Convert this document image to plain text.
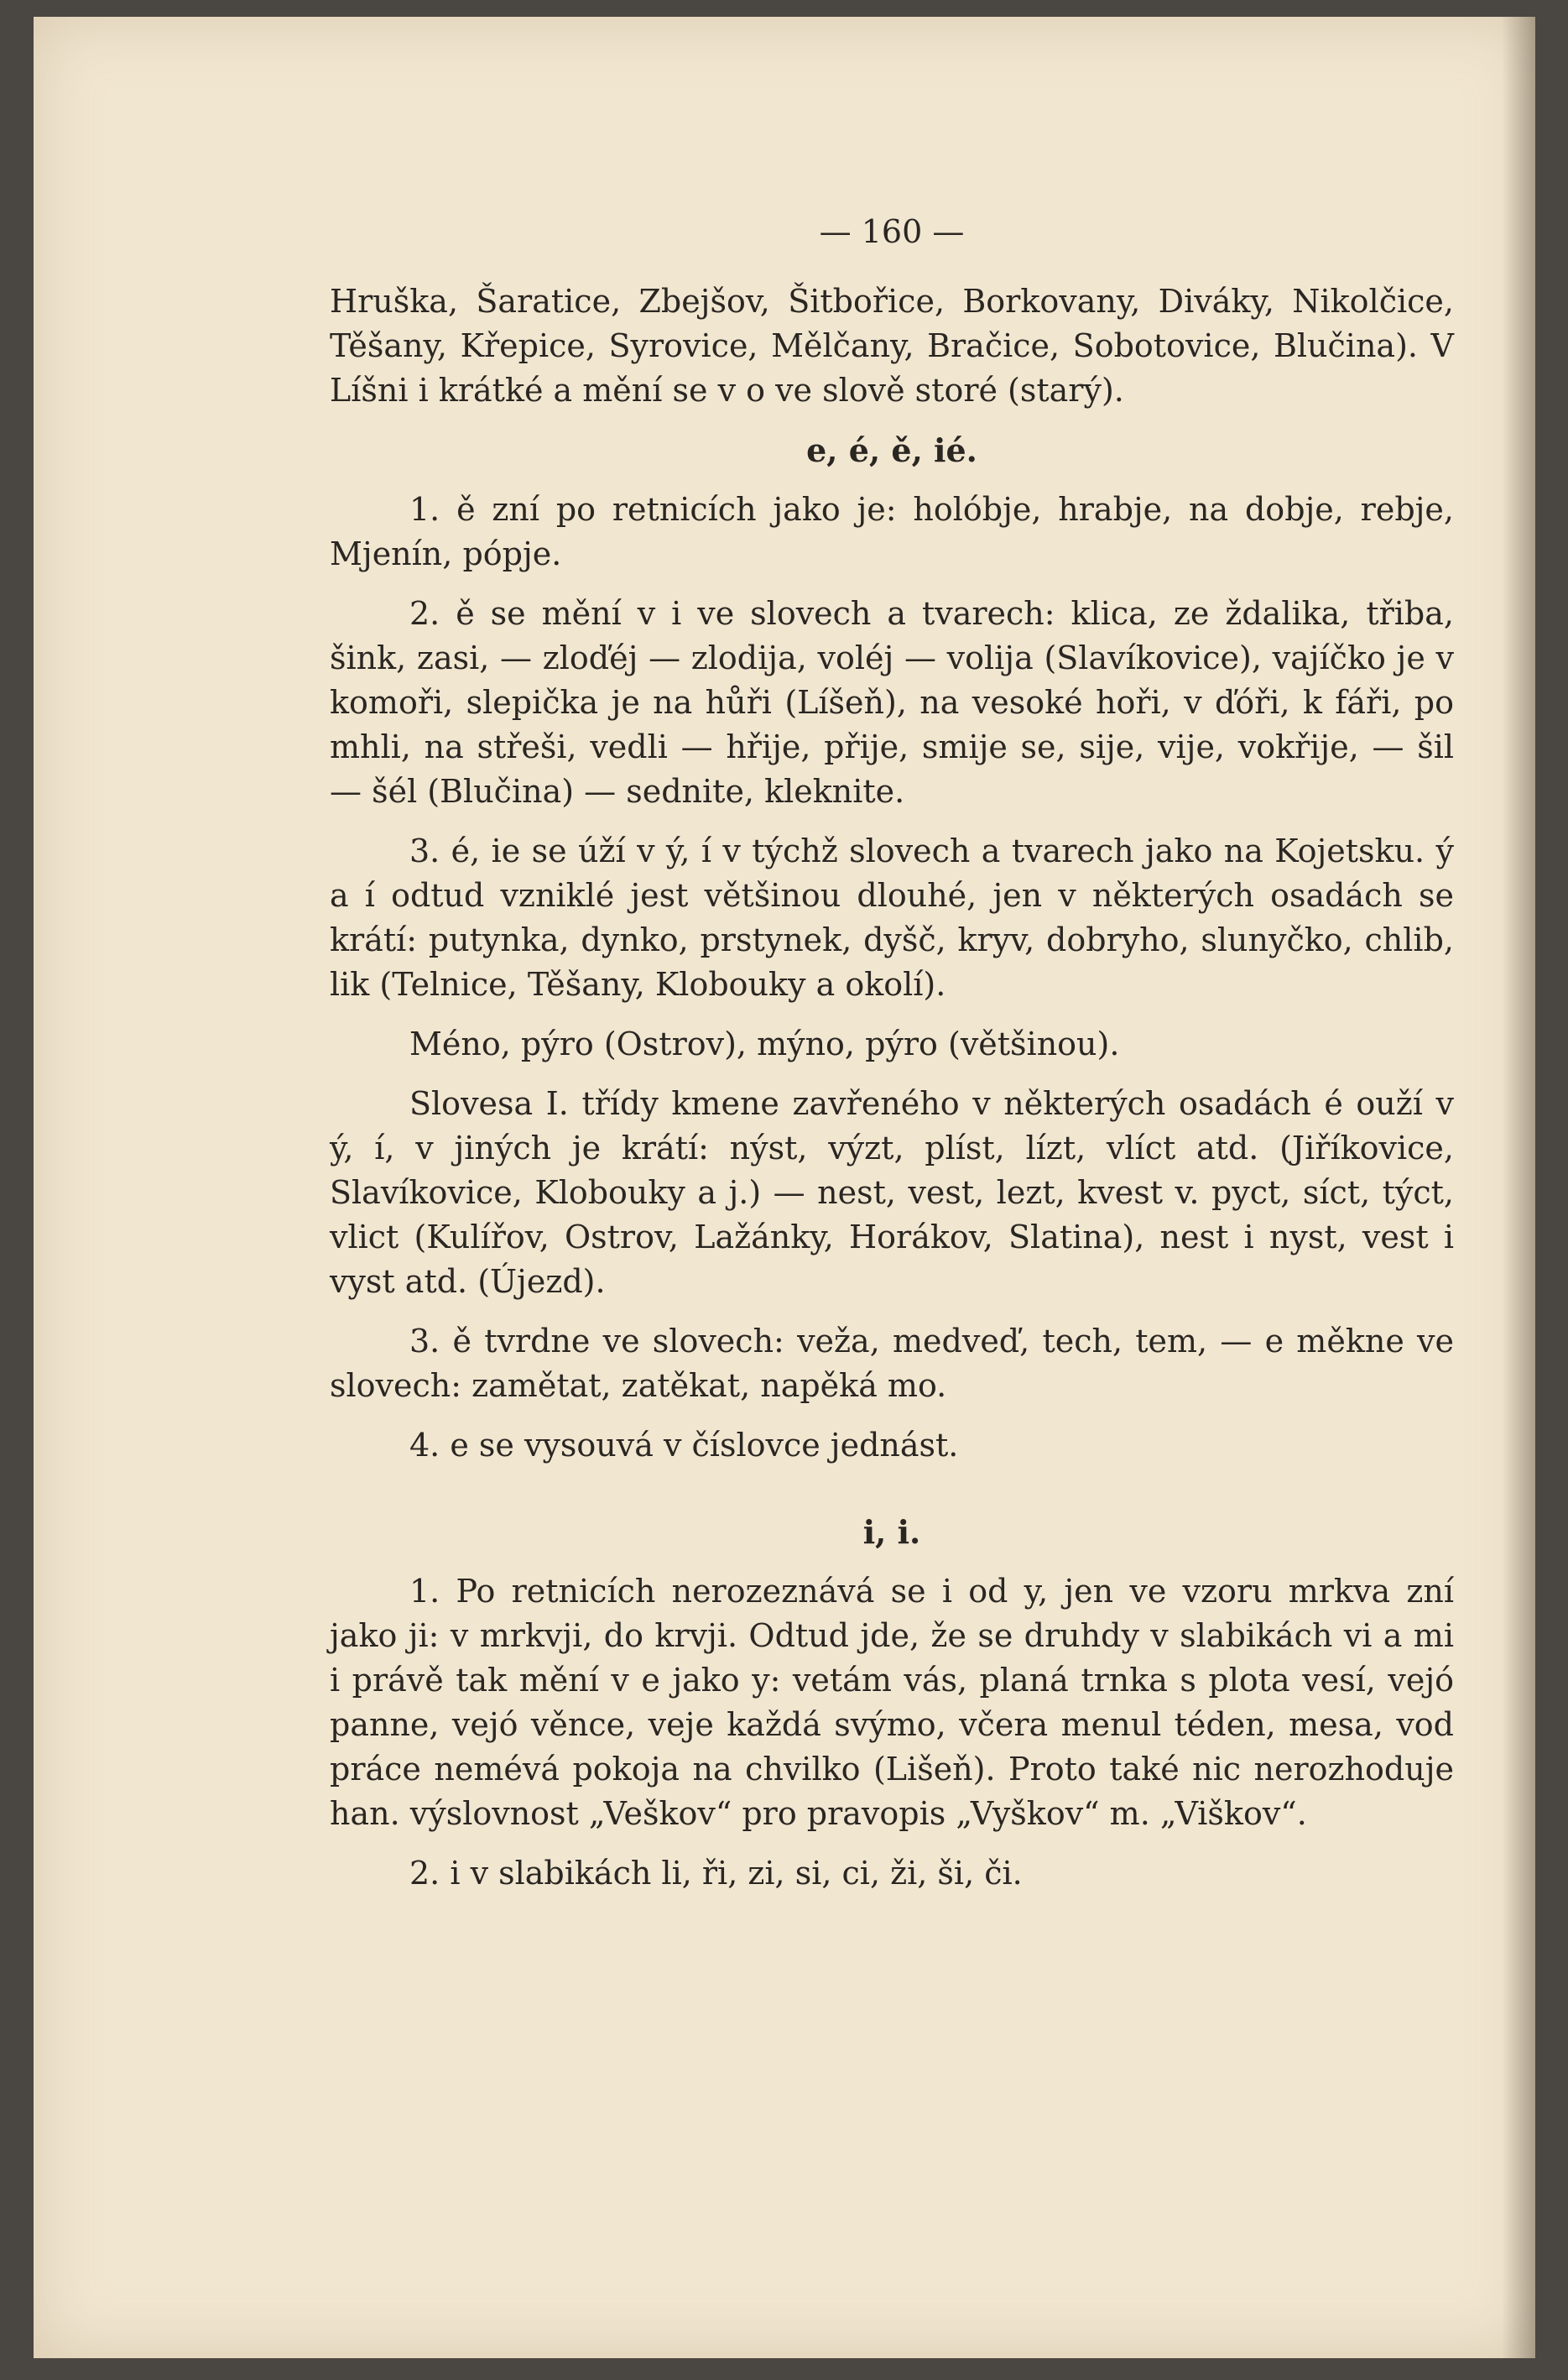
— 160 —

Hruška, Šaratice, Zbejšov, Šitbořice, Borkovany, Diváky, Nikolčice, Těšany, Křepice, Syrovice, Mělčany, Bračice, Sobotovice, Blučina). V Líšni i krátké a mění se v o ve slově storé (starý).

e, é, ě, ié.

1. ě zní po retnicích jako je: holóbje, hrabje, na dobje, rebje, Mjenín, pópje.

2. ě se mění v i ve slovech a tvarech: klica, ze ždalika, třiba, šink, zasi, — zloďéj — zlodija, voléj — volija (Slavíkovice), vajíčko je v komoři, slepička je na hůři (Líšeň), na vesoké hoři, v ďóři, k fáři, po mhli, na střeši, vedli — hřije, přije, smije se, sije, vije, vokřije, — šil — šél (Blučina) — sednite, kleknite.

3. é, ie se úží v ý, í v týchž slovech a tvarech jako na Kojetsku. ý a í odtud vzniklé jest většinou dlouhé, jen v některých osadách se krátí: putynka, dynko, prstynek, dyšč, kryv, dobryho, slunyčko, chlib, lik (Telnice, Těšany, Klobouky a okolí).

Méno, pýro (Ostrov), mýno, pýro (většinou).

Slovesa I. třídy kmene zavřeného v některých osadách é ouží v ý, í, v jiných je krátí: nýst, výzt, plíst, lízt, vlíct atd. (Jiříkovice, Slavíkovice, Klobouky a j.) — nest, vest, lezt, kvest v. pyct, síct, týct, vlict (Kulířov, Ostrov, Lažánky, Horákov, Slatina), nest i nyst, vest i vyst atd. (Újezd).

3. ě tvrdne ve slovech: veža, medveď, tech, tem, — e měkne ve slovech: zamětat, zatěkat, napěká mo.

4. e se vysouvá v číslovce jednást.

i, i.

1. Po retnicích nerozeznává se i od y, jen ve vzoru mrkva zní jako ji: v mrkvji, do krvji. Odtud jde, že se druhdy v slabikách vi a mi i právě tak mění v e jako y: vetám vás, planá trnka s plota vesí, vejó panne, vejó věnce, veje každá svýmo, včera menul téden, mesa, vod práce nemévá pokoja na chvilko (Lišeň). Proto také nic nerozhoduje han. výslovnost „Veškov“ pro pravopis „Vyškov“ m. „Viškov“.

2. i v slabikách li, ři, zi, si, ci, ži, ši, či.
